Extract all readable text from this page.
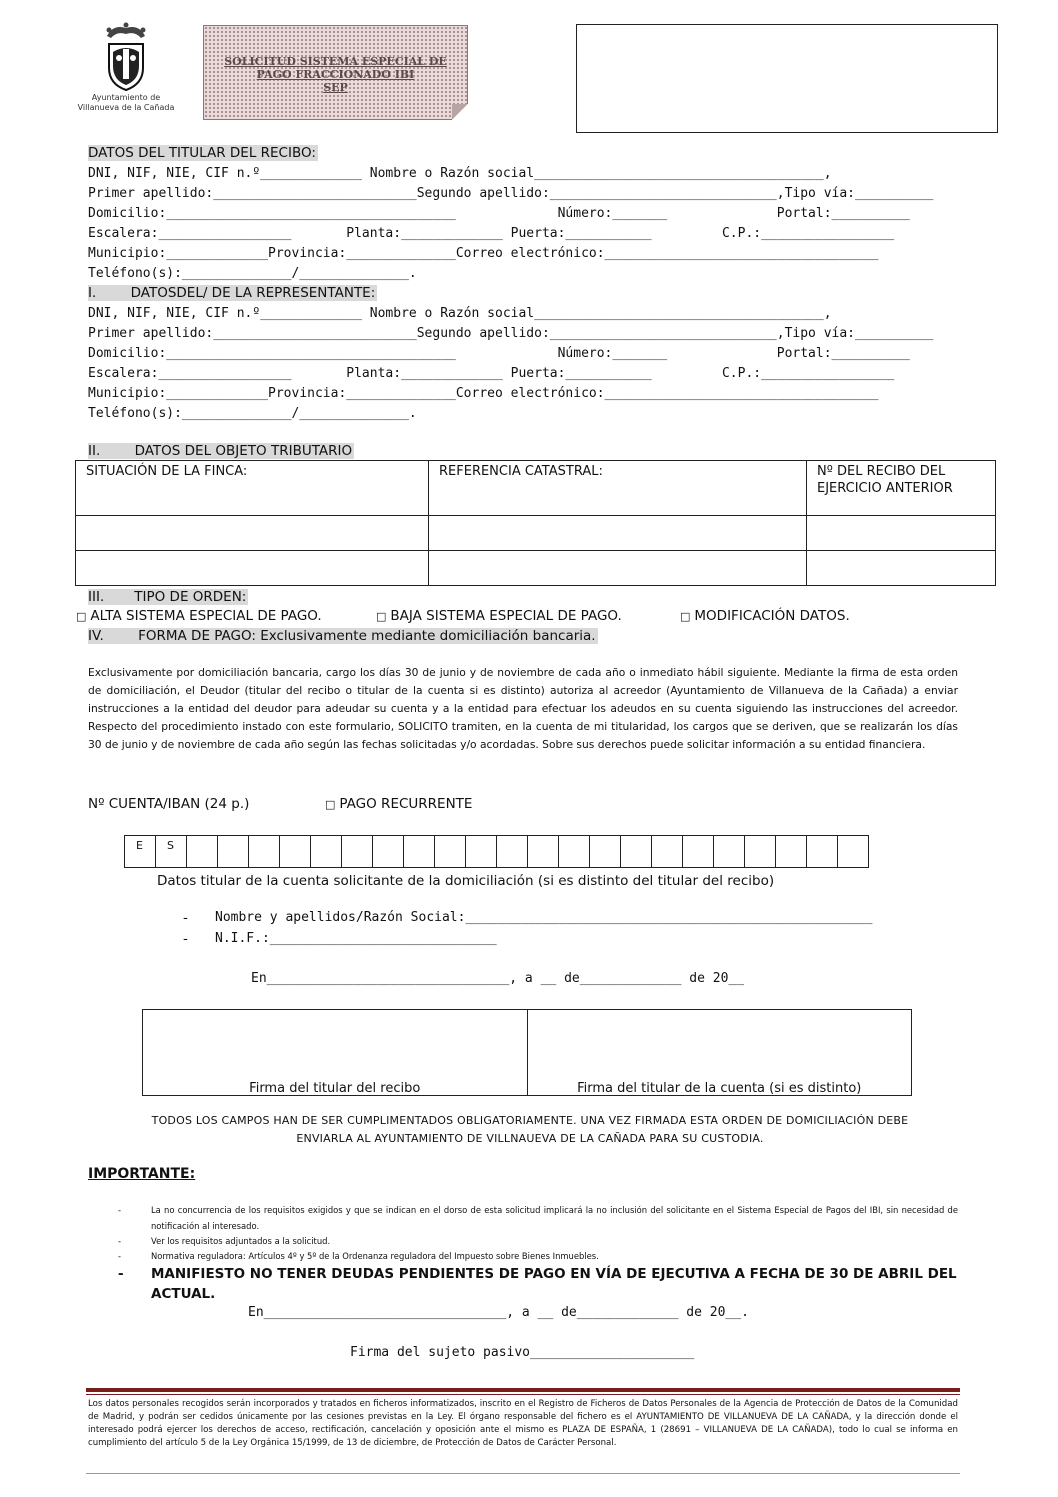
Ayuntamiento de
Villanueva de la Cañada
SOLICITUD SISTEMA ESPECIAL DE
PAGO FRACCIONADO IBI
SEP
DATOS DEL TITULAR DEL RECIBO:
DNI, NIF, NIE, CIF n.º_____________ Nombre o Razón social_____________________________________,
Primer apellido:__________________________Segundo apellido:_____________________________,Tipo vía:__________
Domicilio:_____________________________________             Número:_______              Portal:__________
Escalera:_________________       Planta:_____________ Puerta:___________         C.P.:_________________
Municipio:_____________Provincia:______________Correo electrónico:___________________________________
Teléfono(s):______________/______________.
I.        DATOSDEL/ DE LA REPRESENTANTE:
DNI, NIF, NIE, CIF n.º_____________ Nombre o Razón social_____________________________________,
Primer apellido:__________________________Segundo apellido:_____________________________,Tipo vía:__________
Domicilio:_____________________________________             Número:_______              Portal:__________
Escalera:_________________       Planta:_____________ Puerta:___________         C.P.:_________________
Municipio:_____________Provincia:______________Correo electrónico:___________________________________
Teléfono(s):______________/______________.
II.        DATOS DEL OBJETO TRIBUTARIO
SITUACIÓN DE LA FINCA:	REFERENCIA CATASTRAL:	Nº DEL RECIBO DEL
EJERCICIO ANTERIOR

III.       TIPO DE ORDEN:
□ ALTA SISTEMA ESPECIAL DE PAGO.	□ BAJA SISTEMA ESPECIAL DE PAGO.	□ MODIFICACIÓN DATOS.
IV.        FORMA DE PAGO: Exclusivamente mediante domiciliación bancaria.
Exclusivamente por domiciliación bancaria, cargo los días 30 de junio y de noviembre de cada año o inmediato hábil siguiente. Mediante la firma de esta orden de domiciliación, el Deudor (titular del recibo o titular de la cuenta si es distinto) autoriza al acreedor (Ayuntamiento de Villanueva de la Cañada) a enviar instrucciones a la entidad del deudor para adeudar su cuenta y a la entidad para efectuar los adeudos en su cuenta siguiendo las instrucciones del acreedor. Respecto del procedimiento instado con este formulario, SOLICITO tramiten, en la cuenta de mi titularidad, los cargos que se deriven, que se realizarán los días 30 de junio y de noviembre de cada año según las fechas solicitadas y/o acordadas. Sobre sus derechos puede solicitar información a su entidad financiera.
Nº CUENTA/IBAN (24 p.)	□ PAGO RECURRENTE
E	S																						
Datos titular de la cuenta solicitante de la domiciliación (si es distinto del titular del recibo)
- Nombre y apellidos/Razón Social:____________________________________________________
- N.I.F.:_____________________________
En_______________________________, a __ de_____________ de 20__
Firma del titular del recibo	Firma del titular de la cuenta (si es distinto)
TODOS LOS CAMPOS HAN DE SER CUMPLIMENTADOS OBLIGATORIAMENTE. UNA VEZ FIRMADA ESTA ORDEN DE DOMICILIACIÓN DEBE
ENVIARLA AL AYUNTAMIENTO DE VILLNAUEVA DE LA CAÑADA PARA SU CUSTODIA.
IMPORTANTE:
-	La no concurrencia de los requisitos exigidos y que se indican en el dorso de esta solicitud implicará la no inclusión del solicitante en el Sistema Especial de Pagos del IBI, sin necesidad de notificación al interesado.
-	Ver los requisitos adjuntados a la solicitud.
-	Normativa reguladora: Artículos 4º y 5º de la Ordenanza reguladora del Impuesto sobre Bienes Inmuebles.
- MANIFIESTO NO TENER DEUDAS PENDIENTES DE PAGO EN VÍA DE EJECUTIVA A FECHA DE 30 DE ABRIL DEL ACTUAL.
En_______________________________, a __ de_____________ de 20__.
Firma del sujeto pasivo_____________________
Los datos personales recogidos serán incorporados y tratados en ficheros informatizados, inscrito en el Registro de Ficheros de Datos Personales de la Agencia de Protección de Datos de la Comunidad de Madrid, y podrán ser cedidos únicamente por las cesiones previstas en la Ley. El órgano responsable del fichero es el AYUNTAMIENTO DE VILLANUEVA DE LA CAÑADA, y la dirección donde el interesado podrá ejercer los derechos de acceso, rectificación, cancelación y oposición ante el mismo es PLAZA DE ESPAÑA, 1 (28691 – VILLANUEVA DE LA CAÑADA), todo lo cual se informa en cumplimiento del artículo 5 de la Ley Orgánica 15/1999, de 13 de diciembre, de Protección de Datos de Carácter Personal.
